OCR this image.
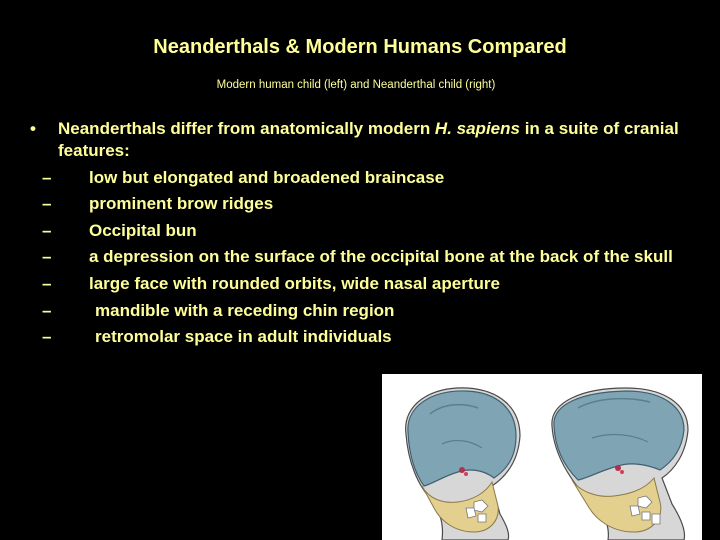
Neanderthals & Modern Humans Compared
Modern human child (left) and Neanderthal child (right)
• Neanderthals differ from anatomically modern H. sapiens in a suite of cranial features:
– low but elongated and broadened braincase
– prominent brow ridges
– Occipital bun
– a depression on the surface of the occipital bone at the back of the skull
– large face with rounded orbits, wide nasal aperture
–	mandible with a receding chin region
–	retromolar space in adult individuals
